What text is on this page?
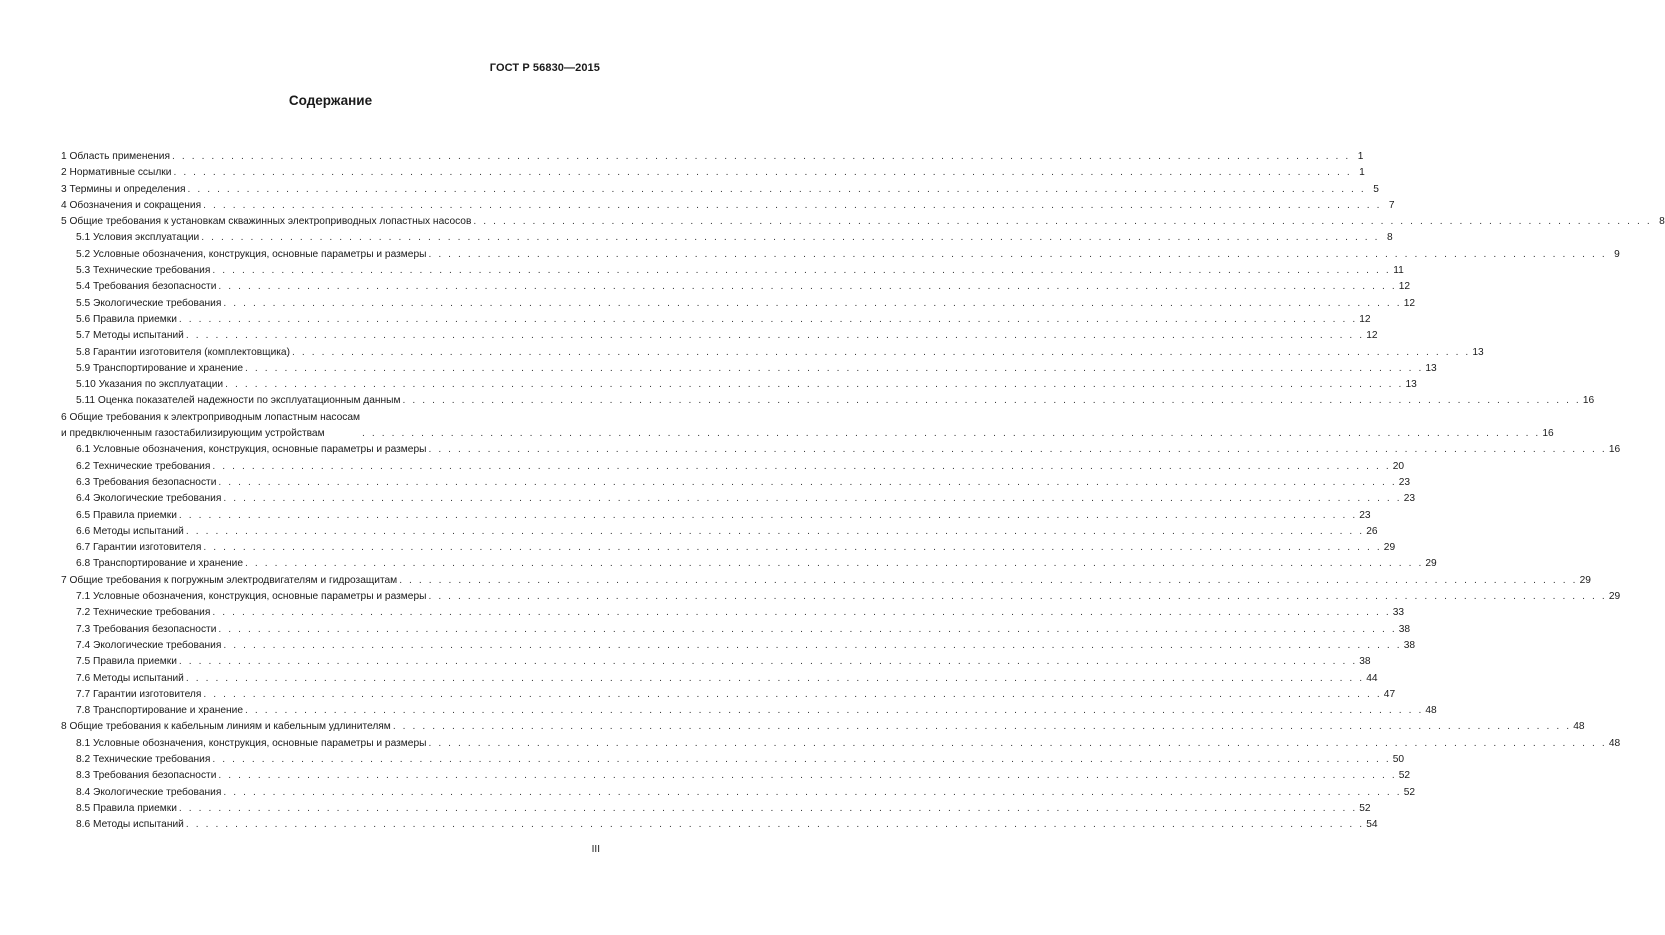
ГОСТ Р 56830—2015
Содержание
1 Область применения . . . . . . . . . . . . . . . . . . . . . . . . . . . . . . . . . . . . . . . . . . . . . . . . . . . . . . . . . . . . . . . . . . . . . . . . . . . . . . . . . . . . . . . . . . . . . . . . . . . . . . . . . . . . . . . . . . . . . . . . 1
2 Нормативные ссылки . . . . . . . . . . . . . . . . . . . . . . . . . . . . . . . . . . . . . . . . . . . . . . . . . . . . . . . . . . . . . . . . . . . . . . . . . . . . . . . . . . . . . . . . . . . . . . . . . . . . . . . . . . . . . . . . . . . . . . . . 1
3 Термины и определения . . . . . . . . . . . . . . . . . . . . . . . . . . . . . . . . . . . . . . . . . . . . . . . . . . . . . . . . . . . . . . . . . . . . . . . . . . . . . . . . . . . . . . . . . . . . . . . . . . . . . . . . . . . . . . . . . . . . . . . . 5
4 Обозначения и сокращения . . . . . . . . . . . . . . . . . . . . . . . . . . . . . . . . . . . . . . . . . . . . . . . . . . . . . . . . . . . . . . . . . . . . . . . . . . . . . . . . . . . . . . . . . . . . . . . . . . . . . . . . . . . . . . . . . . . . . . . . 7
5 Общие требования к установкам скважинных электроприводных лопастных насосов . . . . . . . . . . . . . . . . . . . . . . . . . . . . . . . . . . . . . . . . . . . . . . . . . . . . . . . . . . . . . . . . . . . . . . . . . . . . . . . . . . . . . . . . . . . . . . . . . . . . . . . . . . . . . . . . . . . . . . . . 8
5.1 Условия эксплуатации . . . . . . . . . . . . . . . . . . . . . . . . . . . . . . . . . . . . . . . . . . . . . . . . . . . . . . . . . . . . . . . . . . . . . . . . . . . . . . . . . . . . . . . . . . . . . . . . . . . . . . . . . . . . . . . . . . . . . . . . 8
5.2 Условные обозначения, конструкция, основные параметры и размеры . . . . . . . . . . . . . . . . . . . . . . . . . . . . . . . . . . . . . . . . . . . . . . . . . . . . . . . . . . . . . . . . . . . . . . . . . . . . . . . . . . . . . . . . . . . . . . . . . . . . . . . . . . . . . . . . . . . . . . . . 9
5.3 Технические требования . . . . . . . . . . . . . . . . . . . . . . . . . . . . . . . . . . . . . . . . . . . . . . . . . . . . . . . . . . . . . . . . . . . . . . . . . . . . . . . . . . . . . . . . . . . . . . . . . . . . . . . . . . . . . . . . . . . . . . . . 11
5.4 Требования безопасности . . . . . . . . . . . . . . . . . . . . . . . . . . . . . . . . . . . . . . . . . . . . . . . . . . . . . . . . . . . . . . . . . . . . . . . . . . . . . . . . . . . . . . . . . . . . . . . . . . . . . . . . . . . . . . . . . . . . . . . . 12
5.5 Экологические требования . . . . . . . . . . . . . . . . . . . . . . . . . . . . . . . . . . . . . . . . . . . . . . . . . . . . . . . . . . . . . . . . . . . . . . . . . . . . . . . . . . . . . . . . . . . . . . . . . . . . . . . . . . . . . . . . . . . . . . . . 12
5.6 Правила приемки . . . . . . . . . . . . . . . . . . . . . . . . . . . . . . . . . . . . . . . . . . . . . . . . . . . . . . . . . . . . . . . . . . . . . . . . . . . . . . . . . . . . . . . . . . . . . . . . . . . . . . . . . . . . . . . . . . . . . . . . 12
5.7 Методы испытаний . . . . . . . . . . . . . . . . . . . . . . . . . . . . . . . . . . . . . . . . . . . . . . . . . . . . . . . . . . . . . . . . . . . . . . . . . . . . . . . . . . . . . . . . . . . . . . . . . . . . . . . . . . . . . . . . . . . . . . . . 12
5.8 Гарантии изготовителя (комплектовщика) . . . . . . . . . . . . . . . . . . . . . . . . . . . . . . . . . . . . . . . . . . . . . . . . . . . . . . . . . . . . . . . . . . . . . . . . . . . . . . . . . . . . . . . . . . . . . . . . . . . . . . . . . . . . . . . . . . . . . . . . 13
5.9 Транспортирование и хранение . . . . . . . . . . . . . . . . . . . . . . . . . . . . . . . . . . . . . . . . . . . . . . . . . . . . . . . . . . . . . . . . . . . . . . . . . . . . . . . . . . . . . . . . . . . . . . . . . . . . . . . . . . . . . . . . . . . . . . . . 13
5.10 Указания по эксплуатации . . . . . . . . . . . . . . . . . . . . . . . . . . . . . . . . . . . . . . . . . . . . . . . . . . . . . . . . . . . . . . . . . . . . . . . . . . . . . . . . . . . . . . . . . . . . . . . . . . . . . . . . . . . . . . . . . . . . . . . . 13
5.11 Оценка показателей надежности по эксплуатационным данным . . . . . . . . . . . . . . . . . . . . . . . . . . . . . . . . . . . . . . . . . . . . . . . . . . . . . . . . . . . . . . . . . . . . . . . . . . . . . . . . . . . . . . . . . . . . . . . . . . . . . . . . . . . . . . . . . . . . . . . . 16
6 Общие требования к электроприводным лопастным насосам
и предвключенным газостабилизирующим устройствам	. . . . . . . . . . . . . . . . . . . . . . . . . . . . . . . . . . . . . . . . . . . . . . . . . . . . . . . . . . . . . . . . . . . . . . . . . . . . . . . . . . . . . . . . . . . . . . . . . . . . . . . . . . . . . . . . . . . . . . . . 16
6.1 Условные обозначения, конструкция, основные параметры и размеры . . . . . . . . . . . . . . . . . . . . . . . . . . . . . . . . . . . . . . . . . . . . . . . . . . . . . . . . . . . . . . . . . . . . . . . . . . . . . . . . . . . . . . . . . . . . . . . . . . . . . . . . . . . . . . . . . . . . . . . . 16
6.2 Технические требования . . . . . . . . . . . . . . . . . . . . . . . . . . . . . . . . . . . . . . . . . . . . . . . . . . . . . . . . . . . . . . . . . . . . . . . . . . . . . . . . . . . . . . . . . . . . . . . . . . . . . . . . . . . . . . . . . . . . . . . . 20
6.3 Требования безопасности . . . . . . . . . . . . . . . . . . . . . . . . . . . . . . . . . . . . . . . . . . . . . . . . . . . . . . . . . . . . . . . . . . . . . . . . . . . . . . . . . . . . . . . . . . . . . . . . . . . . . . . . . . . . . . . . . . . . . . . . 23
6.4 Экологические требования . . . . . . . . . . . . . . . . . . . . . . . . . . . . . . . . . . . . . . . . . . . . . . . . . . . . . . . . . . . . . . . . . . . . . . . . . . . . . . . . . . . . . . . . . . . . . . . . . . . . . . . . . . . . . . . . . . . . . . . . 23
6.5 Правила приемки . . . . . . . . . . . . . . . . . . . . . . . . . . . . . . . . . . . . . . . . . . . . . . . . . . . . . . . . . . . . . . . . . . . . . . . . . . . . . . . . . . . . . . . . . . . . . . . . . . . . . . . . . . . . . . . . . . . . . . . . 23
6.6 Методы испытаний . . . . . . . . . . . . . . . . . . . . . . . . . . . . . . . . . . . . . . . . . . . . . . . . . . . . . . . . . . . . . . . . . . . . . . . . . . . . . . . . . . . . . . . . . . . . . . . . . . . . . . . . . . . . . . . . . . . . . . . . 26
6.7 Гарантии изготовителя . . . . . . . . . . . . . . . . . . . . . . . . . . . . . . . . . . . . . . . . . . . . . . . . . . . . . . . . . . . . . . . . . . . . . . . . . . . . . . . . . . . . . . . . . . . . . . . . . . . . . . . . . . . . . . . . . . . . . . . . 29
6.8 Транспортирование и хранение . . . . . . . . . . . . . . . . . . . . . . . . . . . . . . . . . . . . . . . . . . . . . . . . . . . . . . . . . . . . . . . . . . . . . . . . . . . . . . . . . . . . . . . . . . . . . . . . . . . . . . . . . . . . . . . . . . . . . . . . 29
7 Общие требования к погружным электродвигателям и гидрозащитам . . . . . . . . . . . . . . . . . . . . . . . . . . . . . . . . . . . . . . . . . . . . . . . . . . . . . . . . . . . . . . . . . . . . . . . . . . . . . . . . . . . . . . . . . . . . . . . . . . . . . . . . . . . . . . . . . . . . . . . . 29
7.1 Условные обозначения, конструкция, основные параметры и размеры . . . . . . . . . . . . . . . . . . . . . . . . . . . . . . . . . . . . . . . . . . . . . . . . . . . . . . . . . . . . . . . . . . . . . . . . . . . . . . . . . . . . . . . . . . . . . . . . . . . . . . . . . . . . . . . . . . . . . . . . 29
7.2 Технические требования . . . . . . . . . . . . . . . . . . . . . . . . . . . . . . . . . . . . . . . . . . . . . . . . . . . . . . . . . . . . . . . . . . . . . . . . . . . . . . . . . . . . . . . . . . . . . . . . . . . . . . . . . . . . . . . . . . . . . . . . 33
7.3 Требования безопасности . . . . . . . . . . . . . . . . . . . . . . . . . . . . . . . . . . . . . . . . . . . . . . . . . . . . . . . . . . . . . . . . . . . . . . . . . . . . . . . . . . . . . . . . . . . . . . . . . . . . . . . . . . . . . . . . . . . . . . . . 38
7.4 Экологические требования . . . . . . . . . . . . . . . . . . . . . . . . . . . . . . . . . . . . . . . . . . . . . . . . . . . . . . . . . . . . . . . . . . . . . . . . . . . . . . . . . . . . . . . . . . . . . . . . . . . . . . . . . . . . . . . . . . . . . . . . 38
7.5 Правила приемки . . . . . . . . . . . . . . . . . . . . . . . . . . . . . . . . . . . . . . . . . . . . . . . . . . . . . . . . . . . . . . . . . . . . . . . . . . . . . . . . . . . . . . . . . . . . . . . . . . . . . . . . . . . . . . . . . . . . . . . . 38
7.6 Методы испытаний . . . . . . . . . . . . . . . . . . . . . . . . . . . . . . . . . . . . . . . . . . . . . . . . . . . . . . . . . . . . . . . . . . . . . . . . . . . . . . . . . . . . . . . . . . . . . . . . . . . . . . . . . . . . . . . . . . . . . . . . 44
7.7 Гарантии изготовителя . . . . . . . . . . . . . . . . . . . . . . . . . . . . . . . . . . . . . . . . . . . . . . . . . . . . . . . . . . . . . . . . . . . . . . . . . . . . . . . . . . . . . . . . . . . . . . . . . . . . . . . . . . . . . . . . . . . . . . . . 47
7.8 Транспортирование и хранение . . . . . . . . . . . . . . . . . . . . . . . . . . . . . . . . . . . . . . . . . . . . . . . . . . . . . . . . . . . . . . . . . . . . . . . . . . . . . . . . . . . . . . . . . . . . . . . . . . . . . . . . . . . . . . . . . . . . . . . . 48
8 Общие требования к кабельным линиям и кабельным удлинителям . . . . . . . . . . . . . . . . . . . . . . . . . . . . . . . . . . . . . . . . . . . . . . . . . . . . . . . . . . . . . . . . . . . . . . . . . . . . . . . . . . . . . . . . . . . . . . . . . . . . . . . . . . . . . . . . . . . . . . . . 48
8.1 Условные обозначения, конструкция, основные параметры и размеры . . . . . . . . . . . . . . . . . . . . . . . . . . . . . . . . . . . . . . . . . . . . . . . . . . . . . . . . . . . . . . . . . . . . . . . . . . . . . . . . . . . . . . . . . . . . . . . . . . . . . . . . . . . . . . . . . . . . . . . . 48
8.2 Технические требования . . . . . . . . . . . . . . . . . . . . . . . . . . . . . . . . . . . . . . . . . . . . . . . . . . . . . . . . . . . . . . . . . . . . . . . . . . . . . . . . . . . . . . . . . . . . . . . . . . . . . . . . . . . . . . . . . . . . . . . . 50
8.3 Требования безопасности . . . . . . . . . . . . . . . . . . . . . . . . . . . . . . . . . . . . . . . . . . . . . . . . . . . . . . . . . . . . . . . . . . . . . . . . . . . . . . . . . . . . . . . . . . . . . . . . . . . . . . . . . . . . . . . . . . . . . . . . 52
8.4 Экологические требования . . . . . . . . . . . . . . . . . . . . . . . . . . . . . . . . . . . . . . . . . . . . . . . . . . . . . . . . . . . . . . . . . . . . . . . . . . . . . . . . . . . . . . . . . . . . . . . . . . . . . . . . . . . . . . . . . . . . . . . . 52
8.5 Правила приемки . . . . . . . . . . . . . . . . . . . . . . . . . . . . . . . . . . . . . . . . . . . . . . . . . . . . . . . . . . . . . . . . . . . . . . . . . . . . . . . . . . . . . . . . . . . . . . . . . . . . . . . . . . . . . . . . . . . . . . . . 52
8.6 Методы испытаний . . . . . . . . . . . . . . . . . . . . . . . . . . . . . . . . . . . . . . . . . . . . . . . . . . . . . . . . . . . . . . . . . . . . . . . . . . . . . . . . . . . . . . . . . . . . . . . . . . . . . . . . . . . . . . . . . . . . . . . . 54
III
